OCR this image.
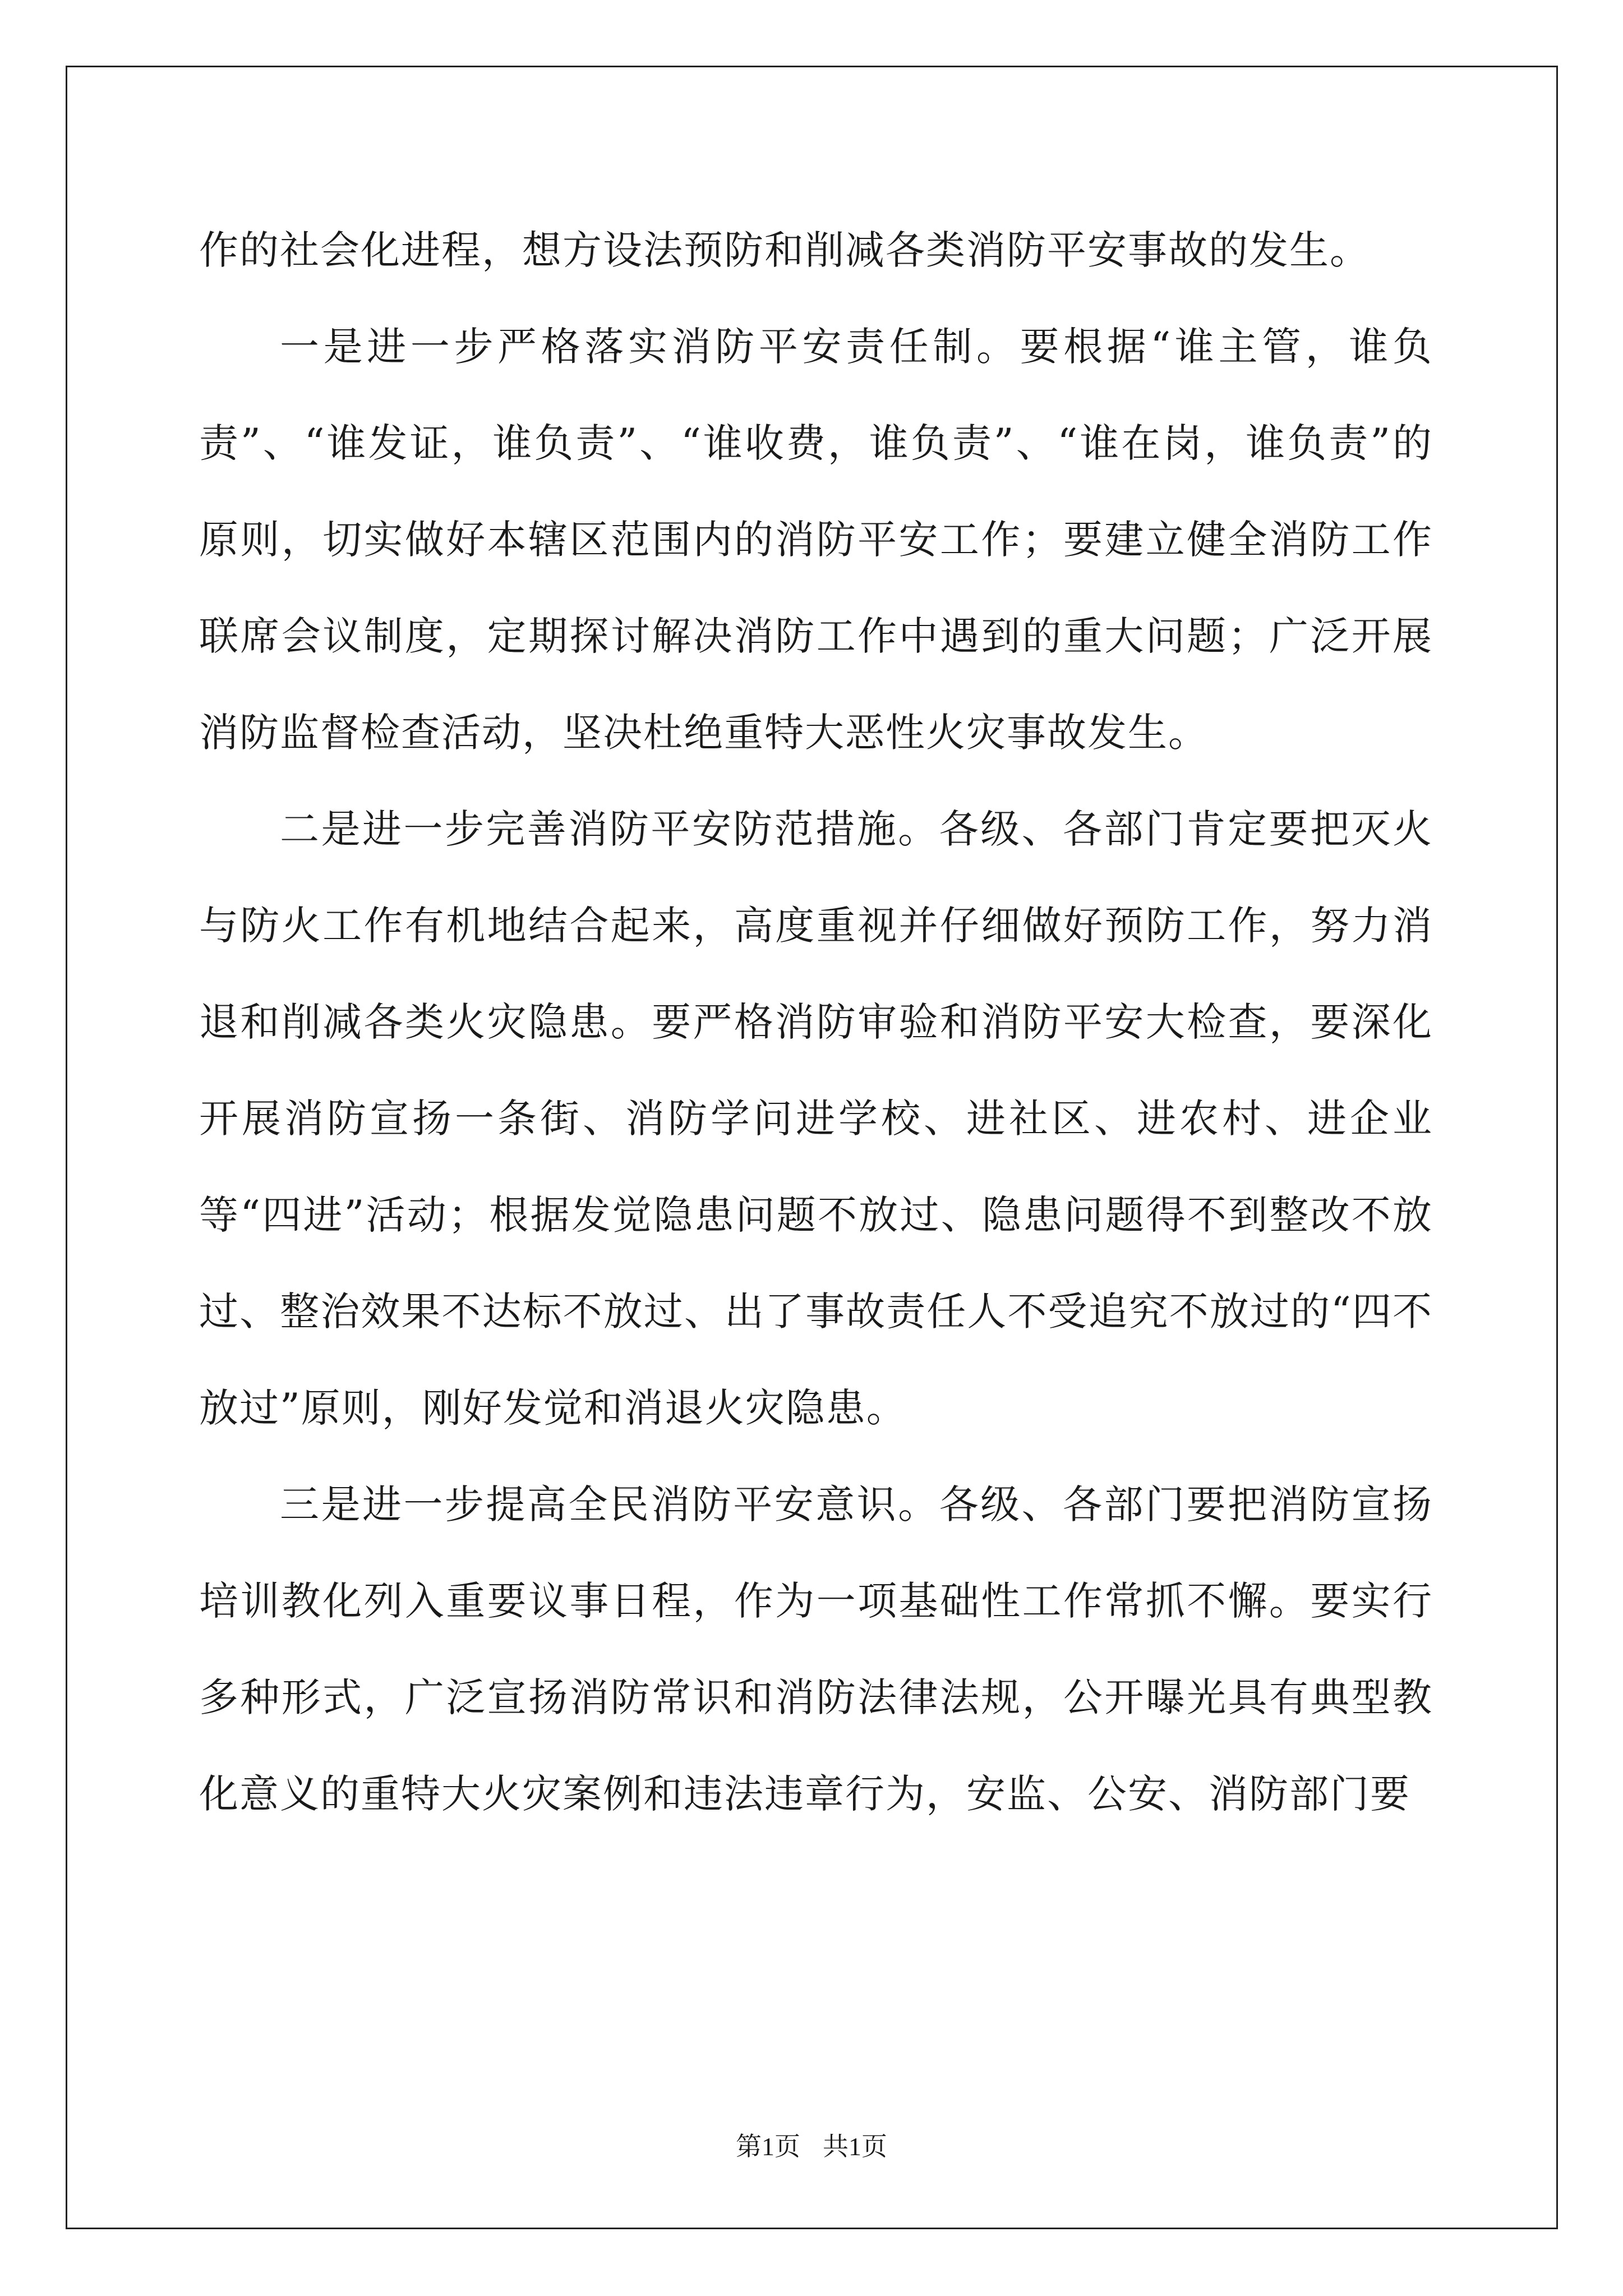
作的社会化进程，想方设法预防和削减各类消防平安事故的发生。

一是进一步严格落实消防平安责任制。要根据“谁主管，谁负责”、“谁发证，谁负责”、“谁收费，谁负责”、“谁在岗，谁负责”的原则，切实做好本辖区范围内的消防平安工作；要建立健全消防工作联席会议制度，定期探讨解决消防工作中遇到的重大问题；广泛开展消防监督检查活动，坚决杜绝重特大恶性火灾事故发生。

二是进一步完善消防平安防范措施。各级、各部门肯定要把灭火与防火工作有机地结合起来，高度重视并仔细做好预防工作，努力消退和削减各类火灾隐患。要严格消防审验和消防平安大检查，要深化开展消防宣扬一条街、消防学问进学校、进社区、进农村、进企业等“四进”活动；根据发觉隐患问题不放过、隐患问题得不到整改不放过、整治效果不达标不放过、出了事故责任人不受追究不放过的“四不放过”原则，刚好发觉和消退火灾隐患。

三是进一步提高全民消防平安意识。各级、各部门要把消防宣扬培训教化列入重要议事日程，作为一项基础性工作常抓不懈。要实行多种形式，广泛宣扬消防常识和消防法律法规，公开曝光具有典型教化意义的重特大火灾案例和违法违章行为，安监、公安、消防部门要

第1页 共1页
